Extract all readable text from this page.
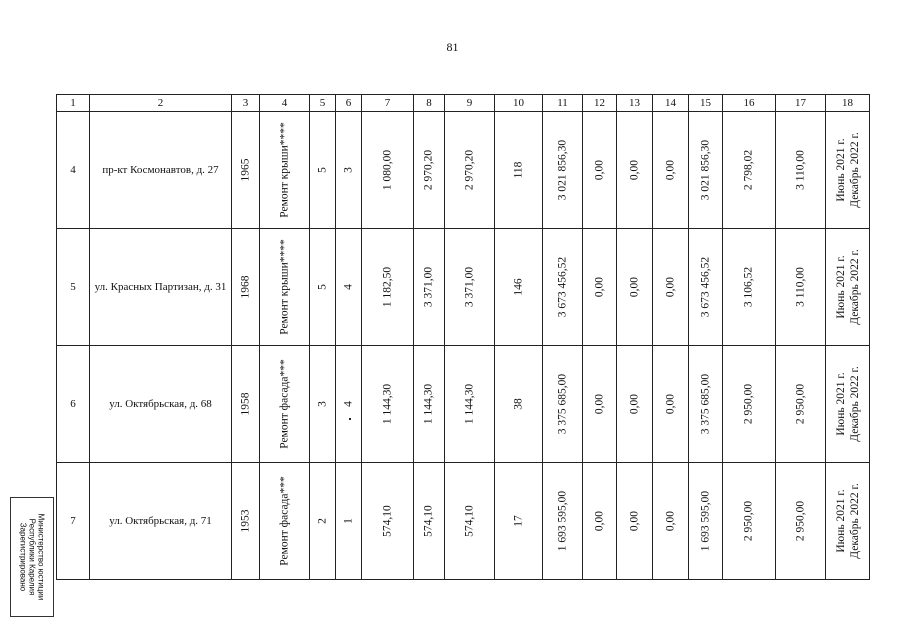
81
1	2	3	4	5	6	7	8	9	10	11	12	13	14	15	16	17	18
4	пр-кт Космонавтов, д. 27	1965	Ремонт крыши****	5	3	1 080,00	2 970,20	2 970,20	118	3 021 856,30	0,00	0,00	0,00	3 021 856,30	2 798,02	3 110,00	Июнь 2021 г. Декабрь 2022 г.

5	ул. Красных Партизан, д. 31	1968	Ремонт крыши****	5	4	1 182,50	3 371,00	3 371,00	146	3 673 456,52	0,00	0,00	0,00	3 673 456,52	3 106,52	3 110,00	Июнь 2021 г. Декабрь 2022 г.

6	ул. Октябрьская, д. 68	1958	Ремонт фасада***	3	4	1 144,30	1 144,30	1 144,30	38	3 375 685,00	0,00	0,00	0,00	3 375 685,00	2 950,00	2 950,00	Июнь 2021 г. Декабрь 2022 г.

7	ул. Октябрьская, д. 71	1953	Ремонт фасада***	2	1	574,10	574,10	574,10	17	1 693 595,00	0,00	0,00	0,00	1 693 595,00	2 950,00	2 950,00	Июнь 2021 г. Декабрь 2022 г.
Министерство юстиции
Республики Карелия
Зарегистрировано
